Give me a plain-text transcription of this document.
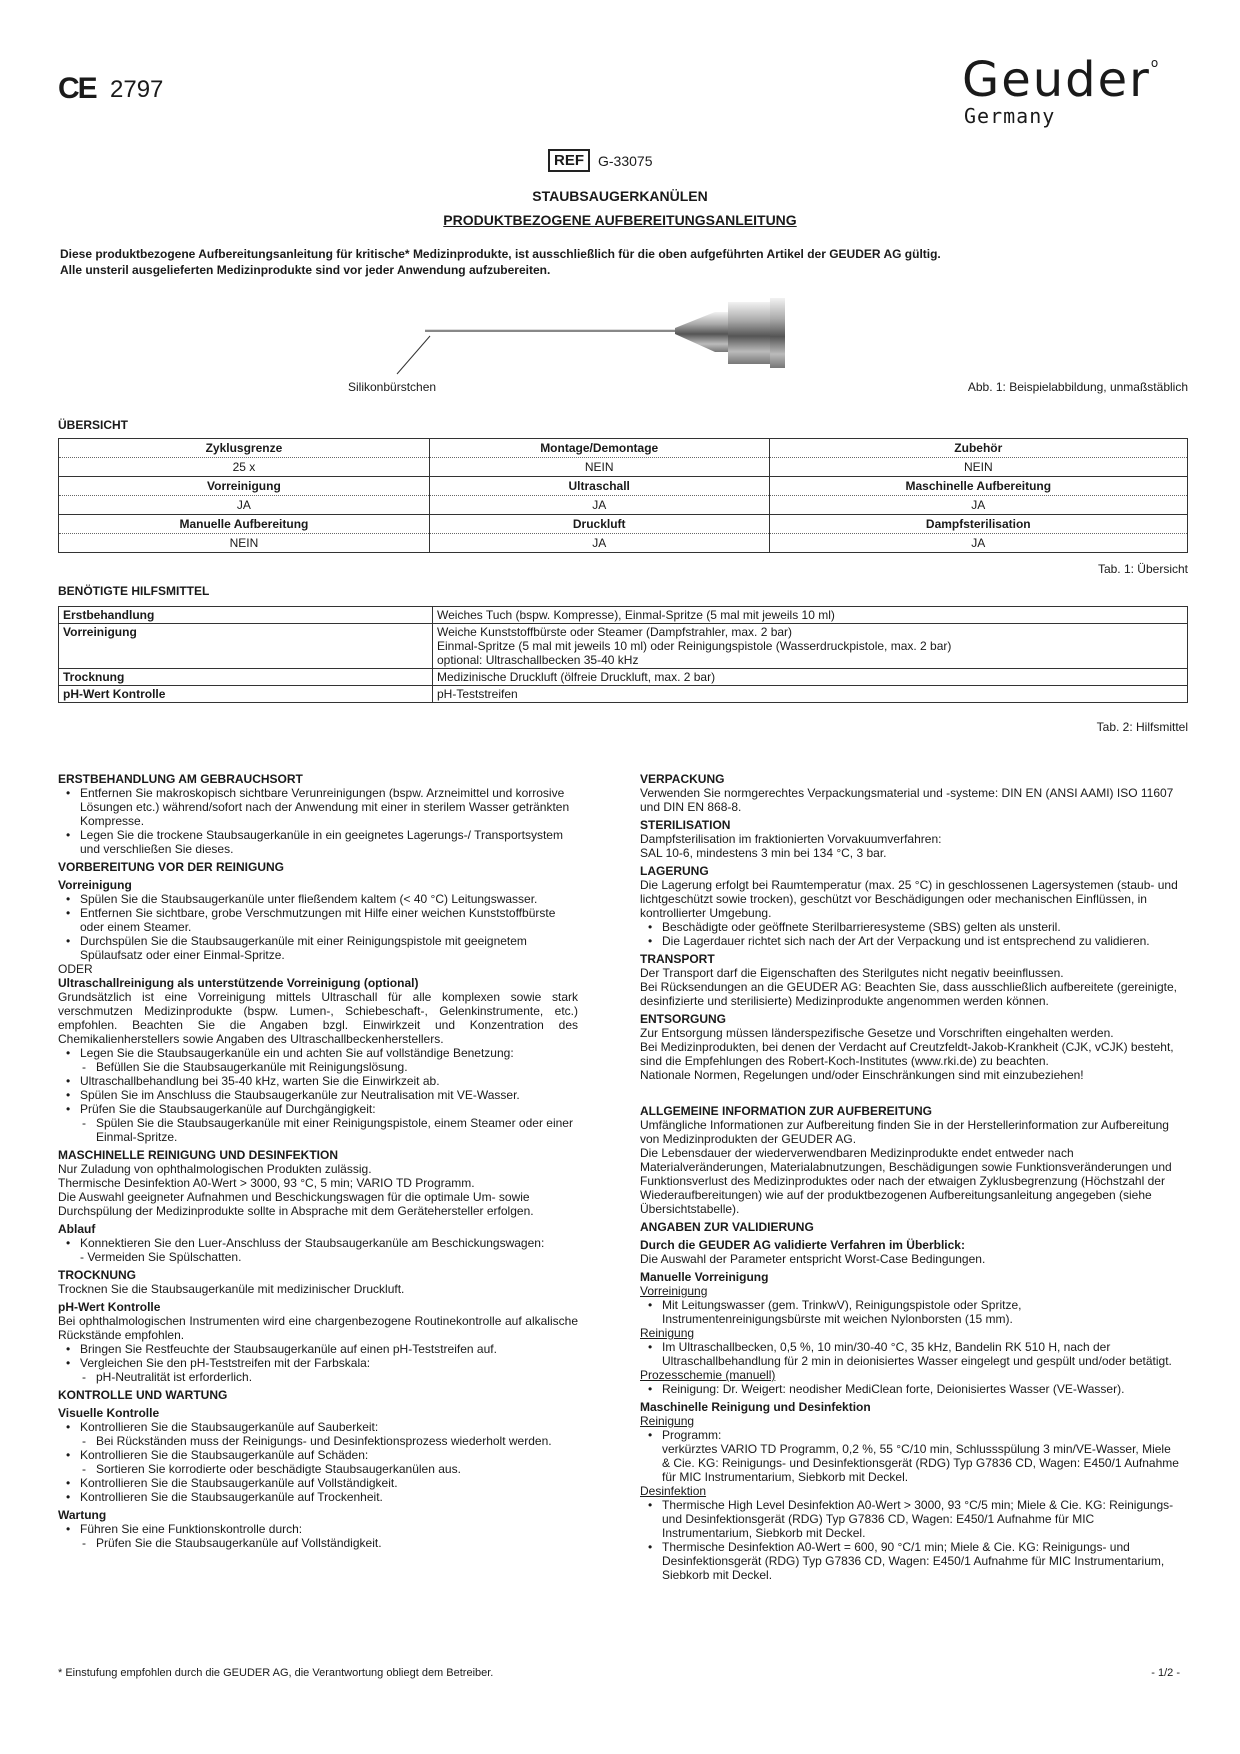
CE 2797	Geuder$^o$
Germany
REF	G-33075
STAUBSAUGERKANÜLEN
PRODUKTBEZOGENE AUFBEREITUNGSANLEITUNG
Diese produktbezogene Aufbereitungsanleitung für kritische* Medizinprodukte, ist ausschließlich für die oben aufgeführten Artikel der GEUDER AG gültig.
Alle unsteril ausgelieferten Medizinprodukte sind vor jeder Anwendung aufzubereiten.
Silikonbürstchen	Abb. 1: Beispielabbildung, unmaßstäblich
ÜBERSICHT
Zyklusgrenze	Montage/Demontage	Zubehör
25 x	NEIN	NEIN
Vorreinigung	Ultraschall	Maschinelle Aufbereitung
JA	JA	JA
Manuelle Aufbereitung	Druckluft	Dampfsterilisation
NEIN	JA	JA
Tab. 1: Übersicht
BENÖTIGTE HILFSMITTEL
Erstbehandlung	Weiches Tuch (bspw. Kompresse), Einmal-Spritze (5 mal mit jeweils 10 ml)

Vorreinigung	Weiche Kunststoffbürste oder Steamer (Dampfstrahler, max. 2 bar)
Einmal-Spritze (5 mal mit jeweils 10 ml) oder Reinigungspistole (Wasserdruckpistole, max. 2 bar)
optional: Ultraschallbecken 35-40 kHz

Trocknung	Medizinische Druckluft (ölfreie Druckluft, max. 2 bar)

pH-Wert Kontrolle	pH-Teststreifen
Tab. 2: Hilfsmittel
ERSTBEHANDLUNG AM GEBRAUCHSORT
• Entfernen Sie makroskopisch sichtbare Verunreinigungen (bspw. Arzneimittel und korrosive Lösungen etc.) während/sofort nach der Anwendung mit einer in sterilem Wasser getränkten Kompresse.
• Legen Sie die trockene Staubsaugerkanüle in ein geeignetes Lagerungs-/ Transportsystem und verschließen Sie dieses.
VORBEREITUNG VOR DER REINIGUNG
Vorreinigung
• Spülen Sie die Staubsaugerkanüle unter fließendem kaltem (< 40 °C) Leitungswasser.
• Entfernen Sie sichtbare, grobe Verschmutzungen mit Hilfe einer weichen Kunststoffbürste oder einem Steamer.
• Durchspülen Sie die Staubsaugerkanüle mit einer Reinigungspistole mit geeignetem Spülaufsatz oder einer Einmal-Spritze.

ODER

Ultraschallreinigung als unterstützende Vorreinigung (optional)

Grundsätzlich ist eine Vorreinigung mittels Ultraschall für alle komplexen sowie stark verschmutzen Medizinprodukte (bspw. Lumen-, Schiebeschaft-, Gelenkinstrumente, etc.) empfohlen. Beachten Sie die Angaben bzgl. Einwirkzeit und Konzentration des Chemikalienherstellers sowie Angaben des Ultraschallbeckenherstellers.

• Legen Sie die Staubsaugerkanüle ein und achten Sie auf vollständige Benetzung:
- Befüllen Sie die Staubsaugerkanüle mit Reinigungslösung.
• Ultraschallbehandlung bei 35-40 kHz, warten Sie die Einwirkzeit ab.
• Spülen Sie im Anschluss die Staubsaugerkanüle zur Neutralisation mit VE-Wasser.
• Prüfen Sie die Staubsaugerkanüle auf Durchgängigkeit:
- Spülen Sie die Staubsaugerkanüle mit einer Reinigungspistole, einem Steamer oder einer Einmal-Spritze.
MASCHINELLE REINIGUNG UND DESINFEKTION

Nur Zuladung von ophthalmologischen Produkten zulässig.

Thermische Desinfektion A0-Wert > 3000, 93 °C, 5 min; VARIO TD Programm.

Die Auswahl geeigneter Aufnahmen und Beschickungswagen für die optimale Um- sowie Durchspülung der Medizinprodukte sollte in Absprache mit dem Gerätehersteller erfolgen.

Ablauf
• Konnektieren Sie den Luer-Anschluss der Staubsaugerkanüle am Beschickungswagen:
- Vermeiden Sie Spülschatten.
TROCKNUNG

Trocknen Sie die Staubsaugerkanüle mit medizinischer Druckluft.

pH-Wert Kontrolle

Bei ophthalmologischen Instrumenten wird eine chargenbezogene Routinekontrolle auf alkalische Rückstände empfohlen.

• Bringen Sie Restfeuchte der Staubsaugerkanüle auf einen pH-Teststreifen auf.
• Vergleichen Sie den pH-Teststreifen mit der Farbskala:
- pH-Neutralität ist erforderlich.
KONTROLLE UND WARTUNG
Visuelle Kontrolle
• Kontrollieren Sie die Staubsaugerkanüle auf Sauberkeit:
- Bei Rückständen muss der Reinigungs- und Desinfektionsprozess wiederholt werden.
• Kontrollieren Sie die Staubsaugerkanüle auf Schäden:
- Sortieren Sie korrodierte oder beschädigte Staubsaugerkanülen aus.
• Kontrollieren Sie die Staubsaugerkanüle auf Vollständigkeit.
• Kontrollieren Sie die Staubsaugerkanüle auf Trockenheit.
Wartung
• Führen Sie eine Funktionskontrolle durch:
- Prüfen Sie die Staubsaugerkanüle auf Vollständigkeit.
VERPACKUNG

Verwenden Sie normgerechtes Verpackungsmaterial und -systeme: DIN EN (ANSI AAMI) ISO 11607 und DIN EN 868-8.

STERILISATION

Dampfsterilisation im fraktionierten Vorvakuumverfahren:

SAL 10-6, mindestens 3 min bei 134 °C, 3 bar.

LAGERUNG

Die Lagerung erfolgt bei Raumtemperatur (max. 25 °C) in geschlossenen Lagersystemen (staub- und lichtgeschützt sowie trocken), geschützt vor Beschädigungen oder mechanischen Einflüssen, in kontrollierter Umgebung.

• Beschädigte oder geöffnete Sterilbarrieresysteme (SBS) gelten als unsteril.
• Die Lagerdauer richtet sich nach der Art der Verpackung und ist entsprechend zu validieren.
TRANSPORT

Der Transport darf die Eigenschaften des Sterilgutes nicht negativ beeinflussen.

Bei Rücksendungen an die GEUDER AG: Beachten Sie, dass ausschließlich aufbereitete (gereinigte, desinfizierte und sterilisierte) Medizinprodukte angenommen werden können.

ENTSORGUNG

Zur Entsorgung müssen länderspezifische Gesetze und Vorschriften eingehalten werden.

Bei Medizinprodukten, bei denen der Verdacht auf Creutzfeldt-Jakob-Krankheit (CJK, vCJK) besteht, sind die Empfehlungen des Robert-Koch-Institutes (www.rki.de) zu beachten.

Nationale Normen, Regelungen und/oder Einschränkungen sind mit einzubeziehen!

ALLGEMEINE INFORMATION ZUR AUFBEREITUNG

Umfängliche Informationen zur Aufbereitung finden Sie in der Herstellerinformation zur Aufbereitung von Medizinprodukten der GEUDER AG.

Die Lebensdauer der wiederverwendbaren Medizinprodukte endet entweder nach Materialveränderungen, Materialabnutzungen, Beschädigungen sowie Funktionsveränderungen und Funktionsverlust des Medizinproduktes oder nach der etwaigen Zyklusbegrenzung (Höchstzahl der Wiederaufbereitungen) wie auf der produktbezogenen Aufbereitungsanleitung angegeben (siehe Übersichtstabelle).

ANGABEN ZUR VALIDIERUNG
Durch die GEUDER AG validierte Verfahren im Überblick:

Die Auswahl der Parameter entspricht Worst-Case Bedingungen.

Manuelle Vorreinigung
Vorreinigung
• Mit Leitungswasser (gem. TrinkwV), Reinigungspistole oder Spritze, Instrumentenreinigungsbürste mit weichen Nylonborsten (15 mm).
Reinigung
• Im Ultraschallbecken, 0,5 %, 10 min/30-40 °C, 35 kHz, Bandelin RK 510 H, nach der Ultraschallbehandlung für 2 min in deionisiertes Wasser eingelegt und gespült und/oder betätigt.
Prozesschemie (manuell)
• Reinigung: Dr. Weigert: neodisher MediClean forte, Deionisiertes Wasser (VE-Wasser).
Maschinelle Reinigung und Desinfektion
Reinigung
• Programm:
verkürztes VARIO TD Programm, 0,2 %, 55 °C/10 min, Schlussspülung 3 min/VE-Wasser, Miele & Cie. KG: Reinigungs- und Desinfektionsgerät (RDG) Typ G7836 CD, Wagen: E450/1 Aufnahme für MIC Instrumentarium, Siebkorb mit Deckel.
Desinfektion
• Thermische High Level Desinfektion A0-Wert > 3000, 93 °C/5 min; Miele & Cie. KG: Reinigungs- und Desinfektionsgerät (RDG) Typ G7836 CD, Wagen: E450/1 Aufnahme für MIC Instrumentarium, Siebkorb mit Deckel.
• Thermische Desinfektion A0-Wert = 600, 90 °C/1 min; Miele & Cie. KG: Reinigungs- und Desinfektionsgerät (RDG) Typ G7836 CD, Wagen: E450/1 Aufnahme für MIC Instrumentarium, Siebkorb mit Deckel.
* Einstufung empfohlen durch die GEUDER AG, die Verantwortung obliegt dem Betreiber.	- 1/2 -
